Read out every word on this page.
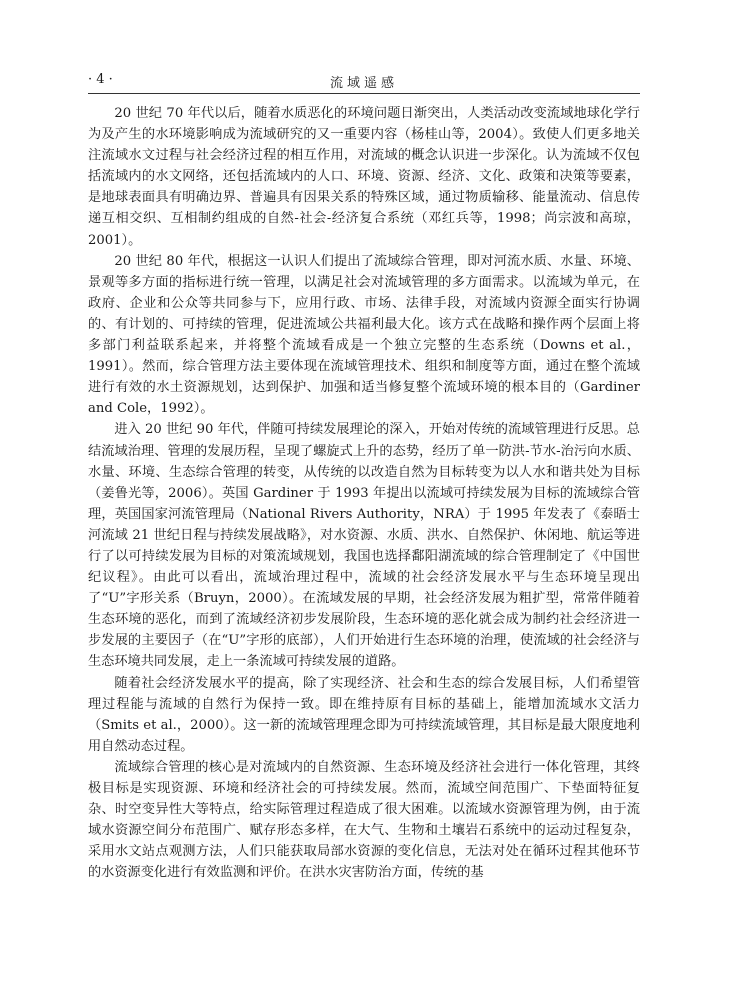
· 4 ·	流域遥感

20 世纪 70 年代以后，随着水质恶化的环境问题日渐突出，人类活动改变流域地球化学行为及产生的水环境影响成为流域研究的又一重要内容（杨桂山等，2004）。致使人们更多地关注流域水文过程与社会经济过程的相互作用，对流域的概念认识进一步深化。认为流域不仅包括流域内的水文网络，还包括流域内的人口、环境、资源、经济、文化、政策和决策等要素，是地球表面具有明确边界、普遍具有因果关系的特殊区域，通过物质输移、能量流动、信息传递互相交织、互相制约组成的自然-社会-经济复合系统（邓红兵等，1998；尚宗波和高琼，2001）。

20 世纪 80 年代，根据这一认识人们提出了流域综合管理，即对河流水质、水量、环境、景观等多方面的指标进行统一管理，以满足社会对流域管理的多方面需求。以流域为单元，在政府、企业和公众等共同参与下，应用行政、市场、法律手段，对流域内资源全面实行协调的、有计划的、可持续的管理，促进流域公共福利最大化。该方式在战略和操作两个层面上将多部门利益联系起来，并将整个流域看成是一个独立完整的生态系统（Downs et al.，1991）。然而，综合管理方法主要体现在流域管理技术、组织和制度等方面，通过在整个流域进行有效的水土资源规划，达到保护、加强和适当修复整个流域环境的根本目的（Gardiner and Cole，1992）。

进入 20 世纪 90 年代，伴随可持续发展理论的深入，开始对传统的流域管理进行反思。总结流域治理、管理的发展历程，呈现了螺旋式上升的态势，经历了单一防洪-节水-治污向水质、水量、环境、生态综合管理的转变，从传统的以改造自然为目标转变为以人水和谐共处为目标（姜鲁光等，2006）。英国 Gardiner 于 1993 年提出以流域可持续发展为目标的流域综合管理，英国国家河流管理局（National Rivers Authority，NRA）于 1995 年发表了《泰晤士河流域 21 世纪日程与持续发展战略》，对水资源、水质、洪水、自然保护、休闲地、航运等进行了以可持续发展为目标的对策流域规划，我国也选择鄱阳湖流域的综合管理制定了《中国世纪议程》。由此可以看出，流域治理过程中，流域的社会经济发展水平与生态环境呈现出了“U”字形关系（Bruyn，2000）。在流域发展的早期，社会经济发展为粗扩型，常常伴随着生态环境的恶化，而到了流域经济初步发展阶段，生态环境的恶化就会成为制约社会经济进一步发展的主要因子（在“U”字形的底部），人们开始进行生态环境的治理，使流域的社会经济与生态环境共同发展，走上一条流域可持续发展的道路。

随着社会经济发展水平的提高，除了实现经济、社会和生态的综合发展目标，人们希望管理过程能与流域的自然行为保持一致。即在维持原有目标的基础上，能增加流域水文活力（Smits et al.，2000）。这一新的流域管理理念即为可持续流域管理，其目标是最大限度地利用自然动态过程。

流域综合管理的核心是对流域内的自然资源、生态环境及经济社会进行一体化管理，其终极目标是实现资源、环境和经济社会的可持续发展。然而，流域空间范围广、下垫面特征复杂、时空变异性大等特点，给实际管理过程造成了很大困难。以流域水资源管理为例，由于流域水资源空间分布范围广、赋存形态多样，在大气、生物和土壤岩石系统中的运动过程复杂，采用水文站点观测方法，人们只能获取局部水资源的变化信息，无法对处在循环过程其他环节的水资源变化进行有效监测和评价。在洪水灾害防治方面，传统的基
